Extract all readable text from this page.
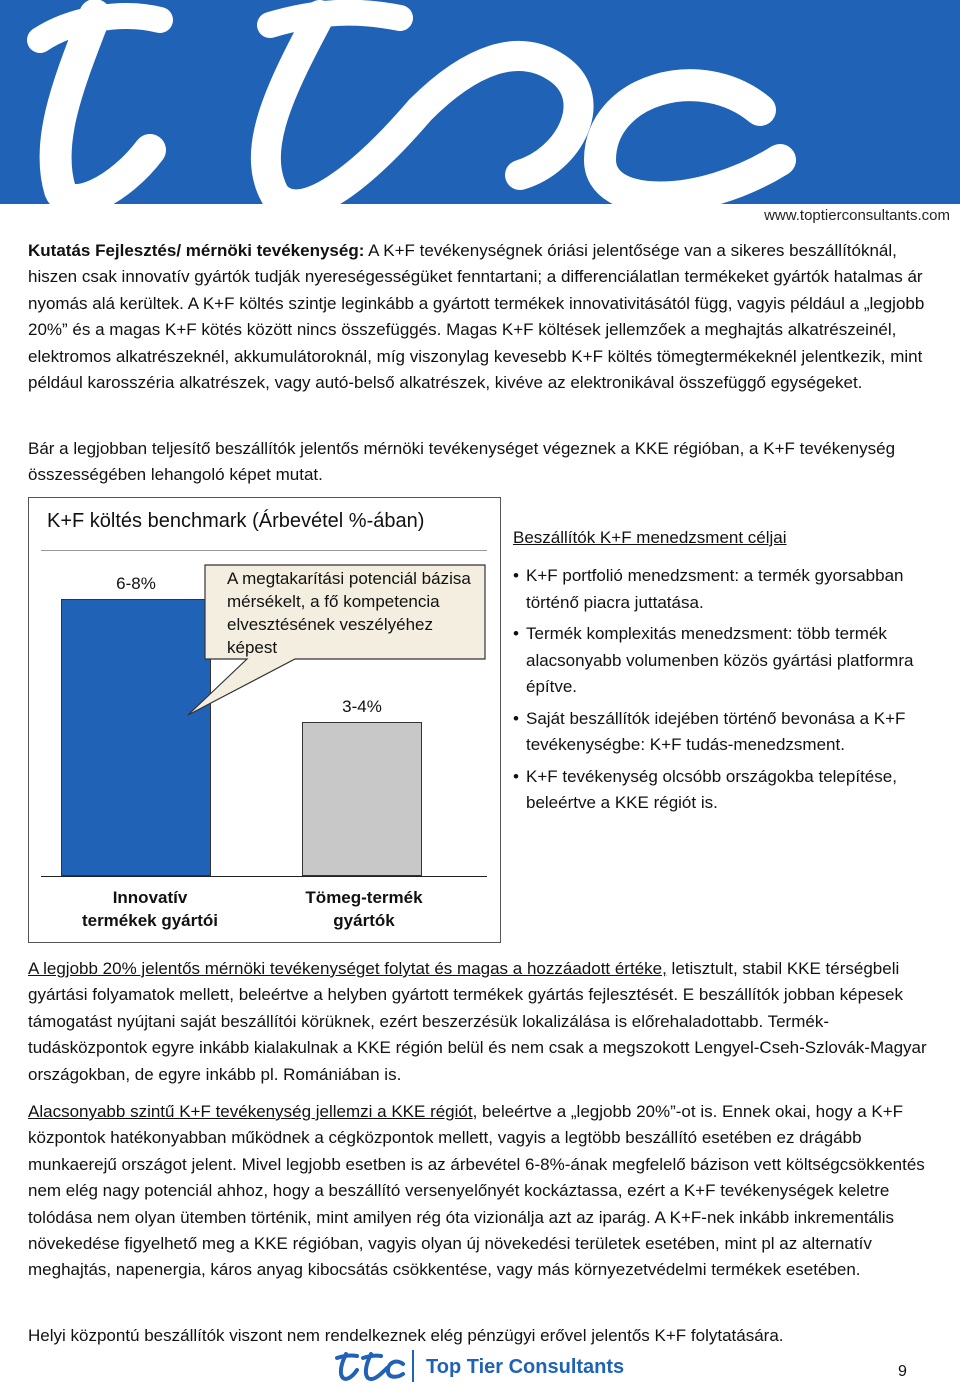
www.toptierconsultants.com

Kutatás Fejlesztés/ mérnöki tevékenység: A K+F tevékenységnek óriási jelentősége van a sikeres beszállítóknál, hiszen csak innovatív gyártók tudják nyereségességüket fenntartani; a differenciálatlan termékeket gyártók hatalmas ár nyomás alá kerültek. A K+F költés szintje leginkább a gyártott termékek innovativitásától függ, vagyis például a „legjobb 20%” és a magas K+F kötés között nincs összefüggés. Magas K+F költések jellemzőek a meghajtás alkatrészeinél, elektromos alkatrészeknél, akkumulátoroknál, míg viszonylag kevesebb K+F költés tömegtermékeknél jelentkezik, mint például karosszéria alkatrészek, vagy autó-belső alkatrészek, kivéve az elektronikával összefüggő egységeket.

Bár a legjobban teljesítő beszállítók jelentős mérnöki tevékenységet végeznek a KKE régióban, a K+F tevékenység összességében lehangoló képet mutat.

K+F költés benchmark (Árbevétel %-ában)
6-8%
3-4%
A megtakarítási potenciál bázisa mérsékelt, a fő kompetencia elvesztésének veszélyéhez képest
Innovatív
termékek gyártói
Tömeg-termék
gyártók
Beszállítók K+F menedzsment céljai
• K+F portfolió menedzsment: a termék gyorsabban történő piacra juttatása.
• Termék komplexitás menedzsment: több termék alacsonyabb volumenben közös gyártási platformra építve.
• Saját beszállítók idejében történő bevonása a K+F tevékenységbe: K+F tudás-menedzsment.
• K+F tevékenység olcsóbb országokba telepítése, beleértve a KKE régiót is.

A legjobb 20% jelentős mérnöki tevékenységet folytat és magas a hozzáadott értéke, letisztult, stabil KKE térségbeli gyártási folyamatok mellett, beleértve a helyben gyártott termékek gyártás fejlesztését. E beszállítók jobban képesek támogatást nyújtani saját beszállítói körüknek, ezért beszerzésük lokalizálása is előrehaladottabb. Termék-tudásközpontok egyre inkább kialakulnak a KKE régión belül és nem csak a megszokott Lengyel-Cseh-Szlovák-Magyar országokban, de egyre inkább pl. Romániában is.

Alacsonyabb szintű K+F tevékenység jellemzi a KKE régiót, beleértve a „legjobb 20%”-ot is. Ennek okai, hogy a K+F központok hatékonyabban működnek a cégközpontok mellett, vagyis a legtöbb beszállító esetében ez drágább munkaerejű országot jelent. Mivel legjobb esetben is az árbevétel 6-8%-ának megfelelő bázison vett költségcsökkentés nem elég nagy potenciál ahhoz, hogy a beszállító versenyelőnyét kockáztassa, ezért a K+F tevékenységek keletre tolódása nem olyan ütemben történik, mint amilyen rég óta vizionálja azt az iparág. A K+F-nek inkább inkrementális növekedése figyelhető meg a KKE régióban, vagyis olyan új növekedési területek esetében, mint pl az alternatív meghajtás, napenergia, káros anyag kibocsátás csökkentése, vagy más környezetvédelmi termékek esetében.

Helyi központú beszállítók viszont nem rendelkeznek elég pénzügyi erővel jelentős K+F folytatására.

Top Tier Consultants	9
